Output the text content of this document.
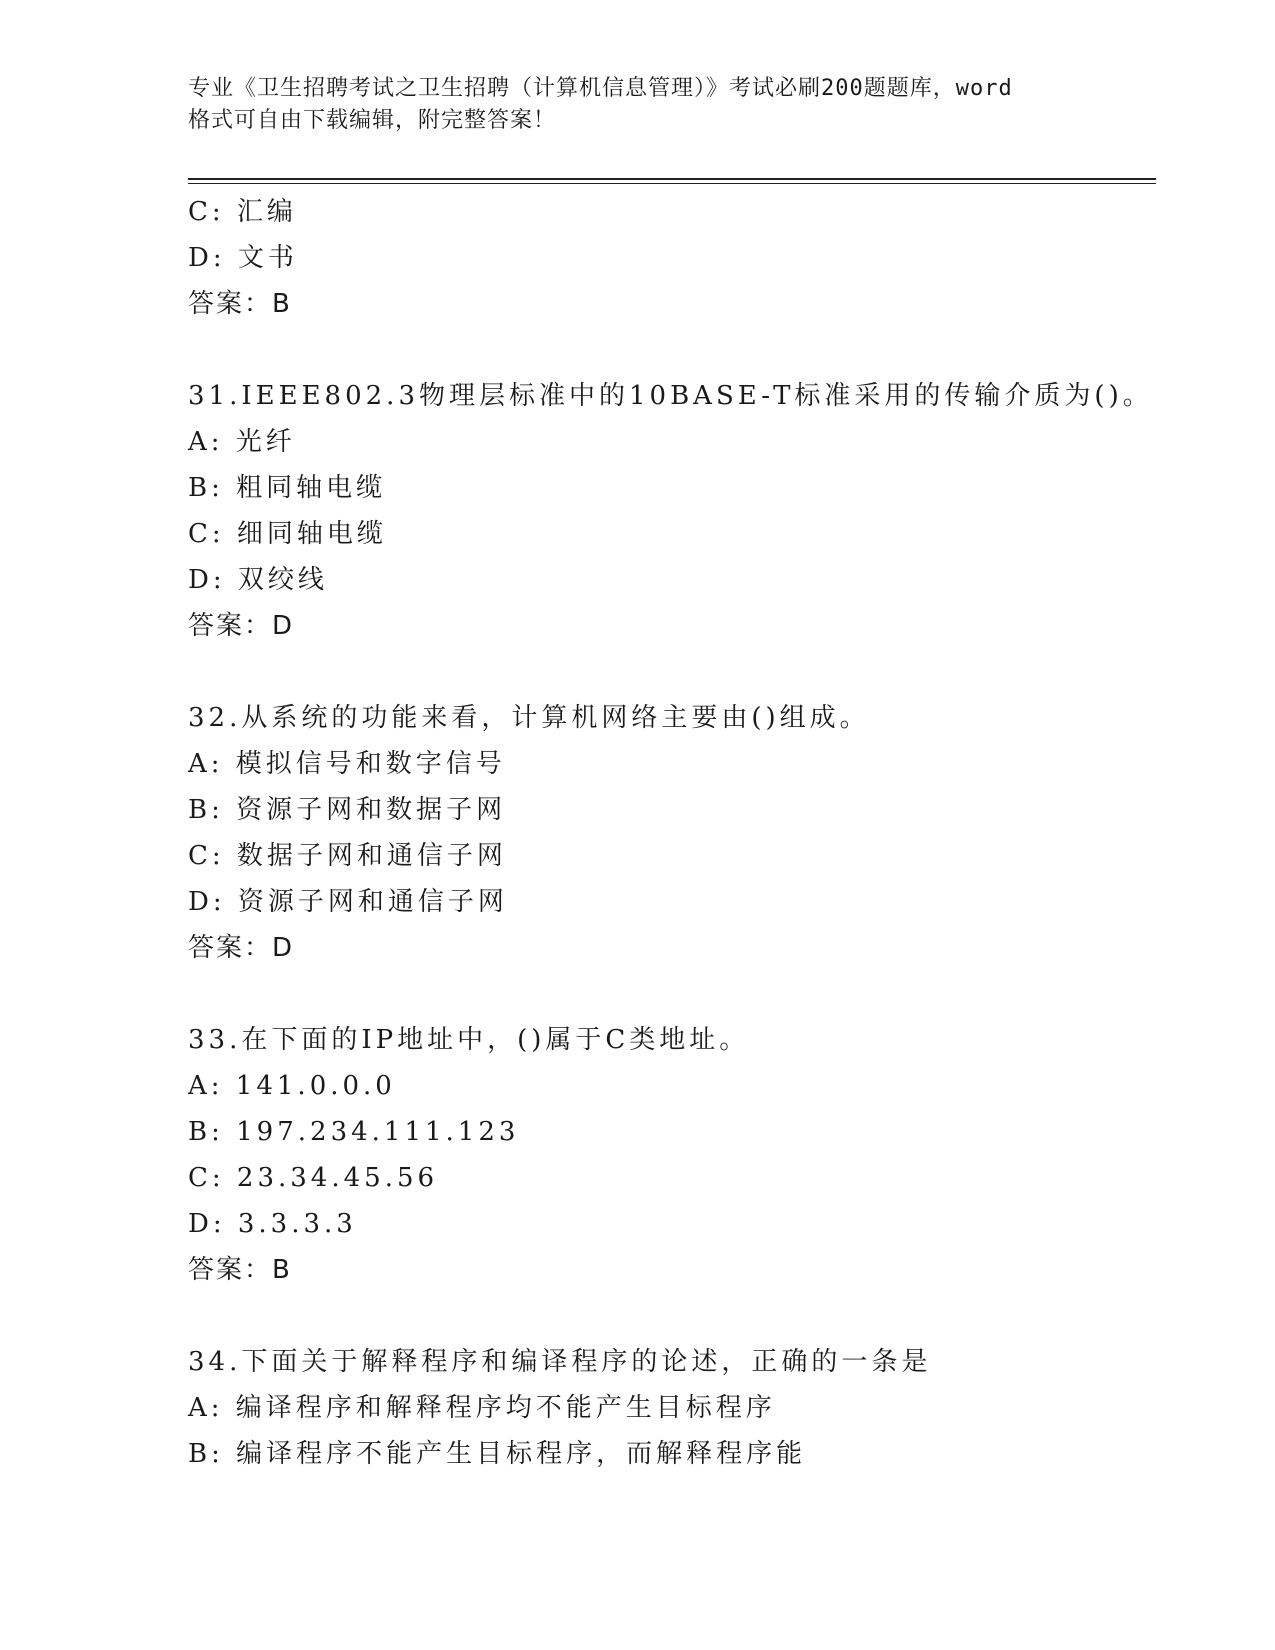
专业《卫生招聘考试之卫生招聘（计算机信息管理）》考试必刷200题题库，word
格式可自由下载编辑，附完整答案！
C: 汇编
D: 文书
答案：B
31.IEEE802.3物理层标准中的10BASE-T标准采用的传输介质为()。
A: 光纤
B: 粗同轴电缆
C: 细同轴电缆
D: 双绞线
答案：D
32.从系统的功能来看，计算机网络主要由()组成。
A: 模拟信号和数字信号
B: 资源子网和数据子网
C: 数据子网和通信子网
D: 资源子网和通信子网
答案：D
33.在下面的IP地址中，()属于C类地址。
A: 141.0.0.0
B: 197.234.111.123
C: 23.34.45.56
D: 3.3.3.3
答案：B
34.下面关于解释程序和编译程序的论述，正确的一条是
A: 编译程序和解释程序均不能产生目标程序
B: 编译程序不能产生目标程序，而解释程序能
